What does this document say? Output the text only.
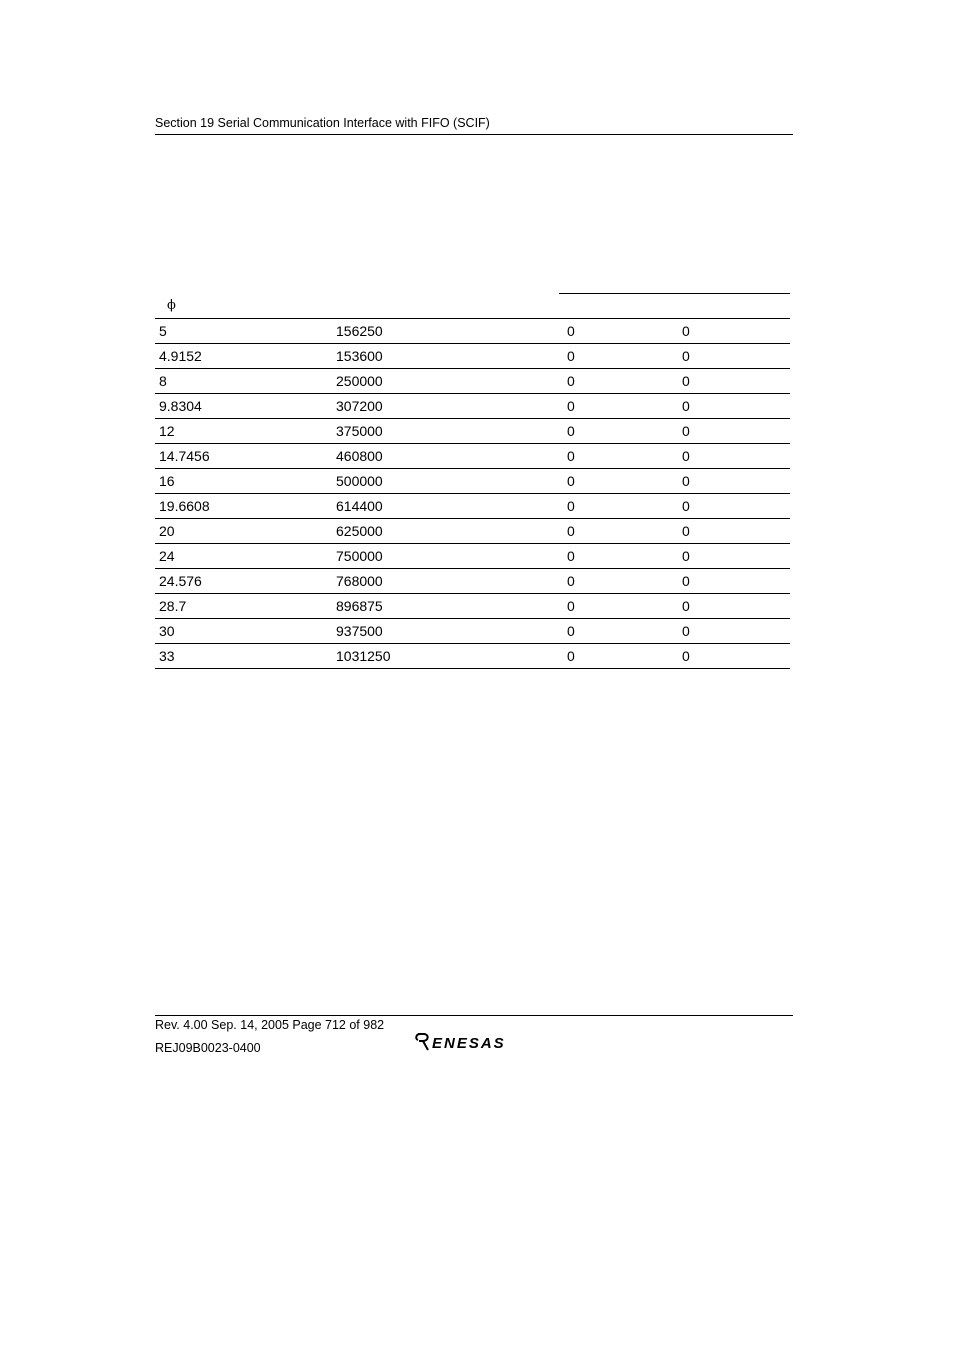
Section 19 Serial Communication Interface with FIFO (SCIF)
ϕ
5	156250	0	0
4.9152	153600	0	0
8	250000	0	0
9.8304	307200	0	0
12	375000	0	0
14.7456	460800	0	0
16	500000	0	0
19.6608	614400	0	0
20	625000	0	0
24	750000	0	0
24.576	768000	0	0
28.7	896875	0	0
30	937500	0	0
33	1031250	0	0
Rev. 4.00 Sep. 14, 2005 Page 712 of 982
REJ09B0023-0400	ENESAS
